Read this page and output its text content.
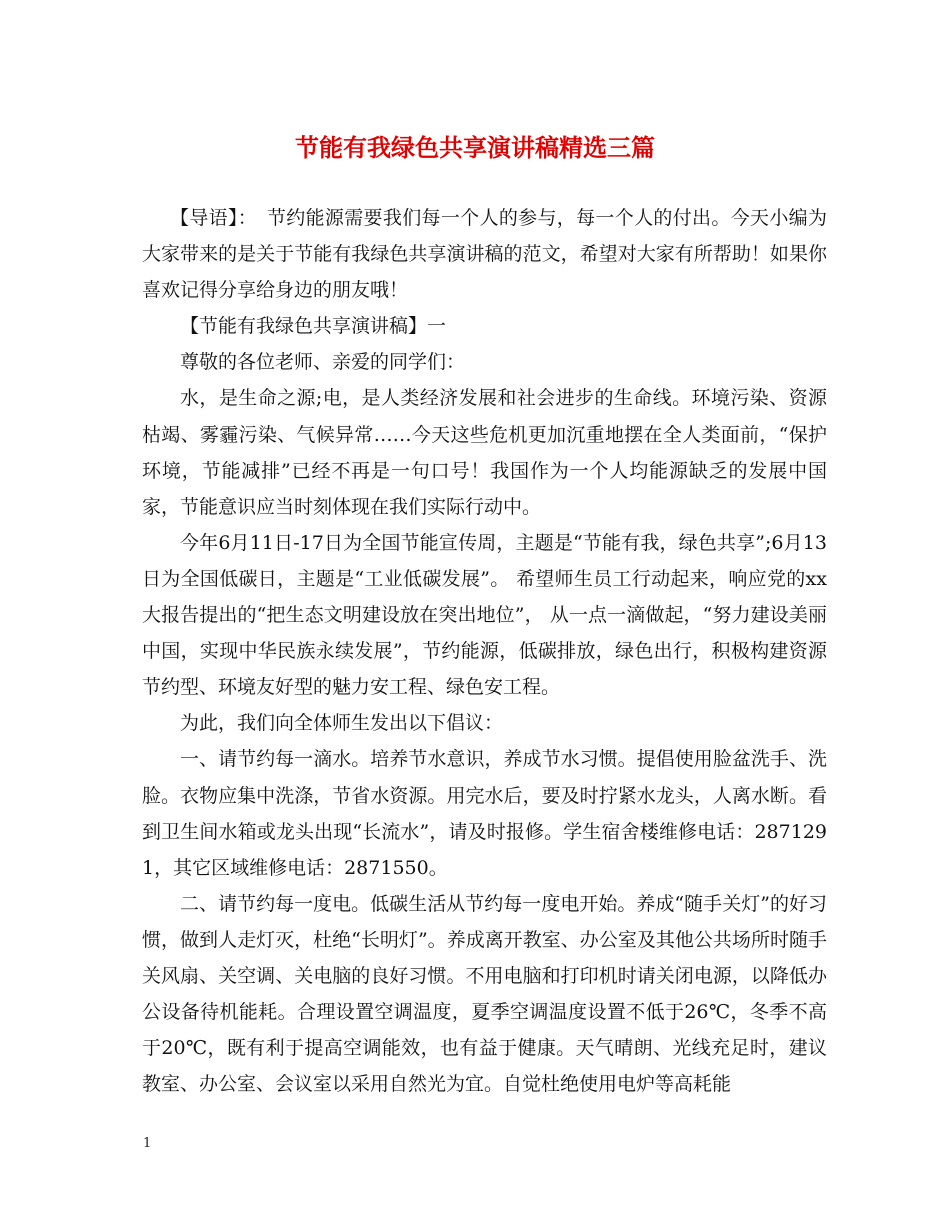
节能有我绿色共享演讲稿精选三篇

【导语】：　节约能源需要我们每一个人的参与，每一个人的付出。今天小编为大家带来的是关于节能有我绿色共享演讲稿的范文，希望对大家有所帮助！如果你喜欢记得分享给身边的朋友哦！

【节能有我绿色共享演讲稿】一

尊敬的各位老师、亲爱的同学们：

水，是生命之源;电，是人类经济发展和社会进步的生命线。环境污染、资源枯竭、雾霾污染、气候异常……今天这些危机更加沉重地摆在全人类面前，“保护环境，节能减排”已经不再是一句口号！我国作为一个人均能源缺乏的发展中国家，节能意识应当时刻体现在我们实际行动中。

今年6月11日-17日为全国节能宣传周，主题是“节能有我，绿色共享”;6月13日为全国低碳日，主题是“工业低碳发展”。 希望师生员工行动起来，响应党的xx大报告提出的“把生态文明建设放在突出地位”， 从一点一滴做起，“努力建设美丽中国，实现中华民族永续发展”，节约能源，低碳排放，绿色出行，积极构建资源节约型、环境友好型的魅力安工程、绿色安工程。

为此，我们向全体师生发出以下倡议：

一、请节约每一滴水。培养节水意识，养成节水习惯。提倡使用脸盆洗手、洗脸。衣物应集中洗涤，节省水资源。用完水后，要及时拧紧水龙头，人离水断。看到卫生间水箱或龙头出现“长流水”，请及时报修。学生宿舍楼维修电话：2871291，其它区域维修电话：2871550。

二、请节约每一度电。低碳生活从节约每一度电开始。养成“随手关灯”的好习惯，做到人走灯灭，杜绝“长明灯”。养成离开教室、办公室及其他公共场所时随手关风扇、关空调、关电脑的良好习惯。不用电脑和打印机时请关闭电源，以降低办公设备待机能耗。合理设置空调温度，夏季空调温度设置不低于26℃，冬季不高于20℃，既有利于提高空调能效，也有益于健康。天气晴朗、光线充足时，建议教室、办公室、会议室以采用自然光为宜。自觉杜绝使用电炉等高耗能

1
